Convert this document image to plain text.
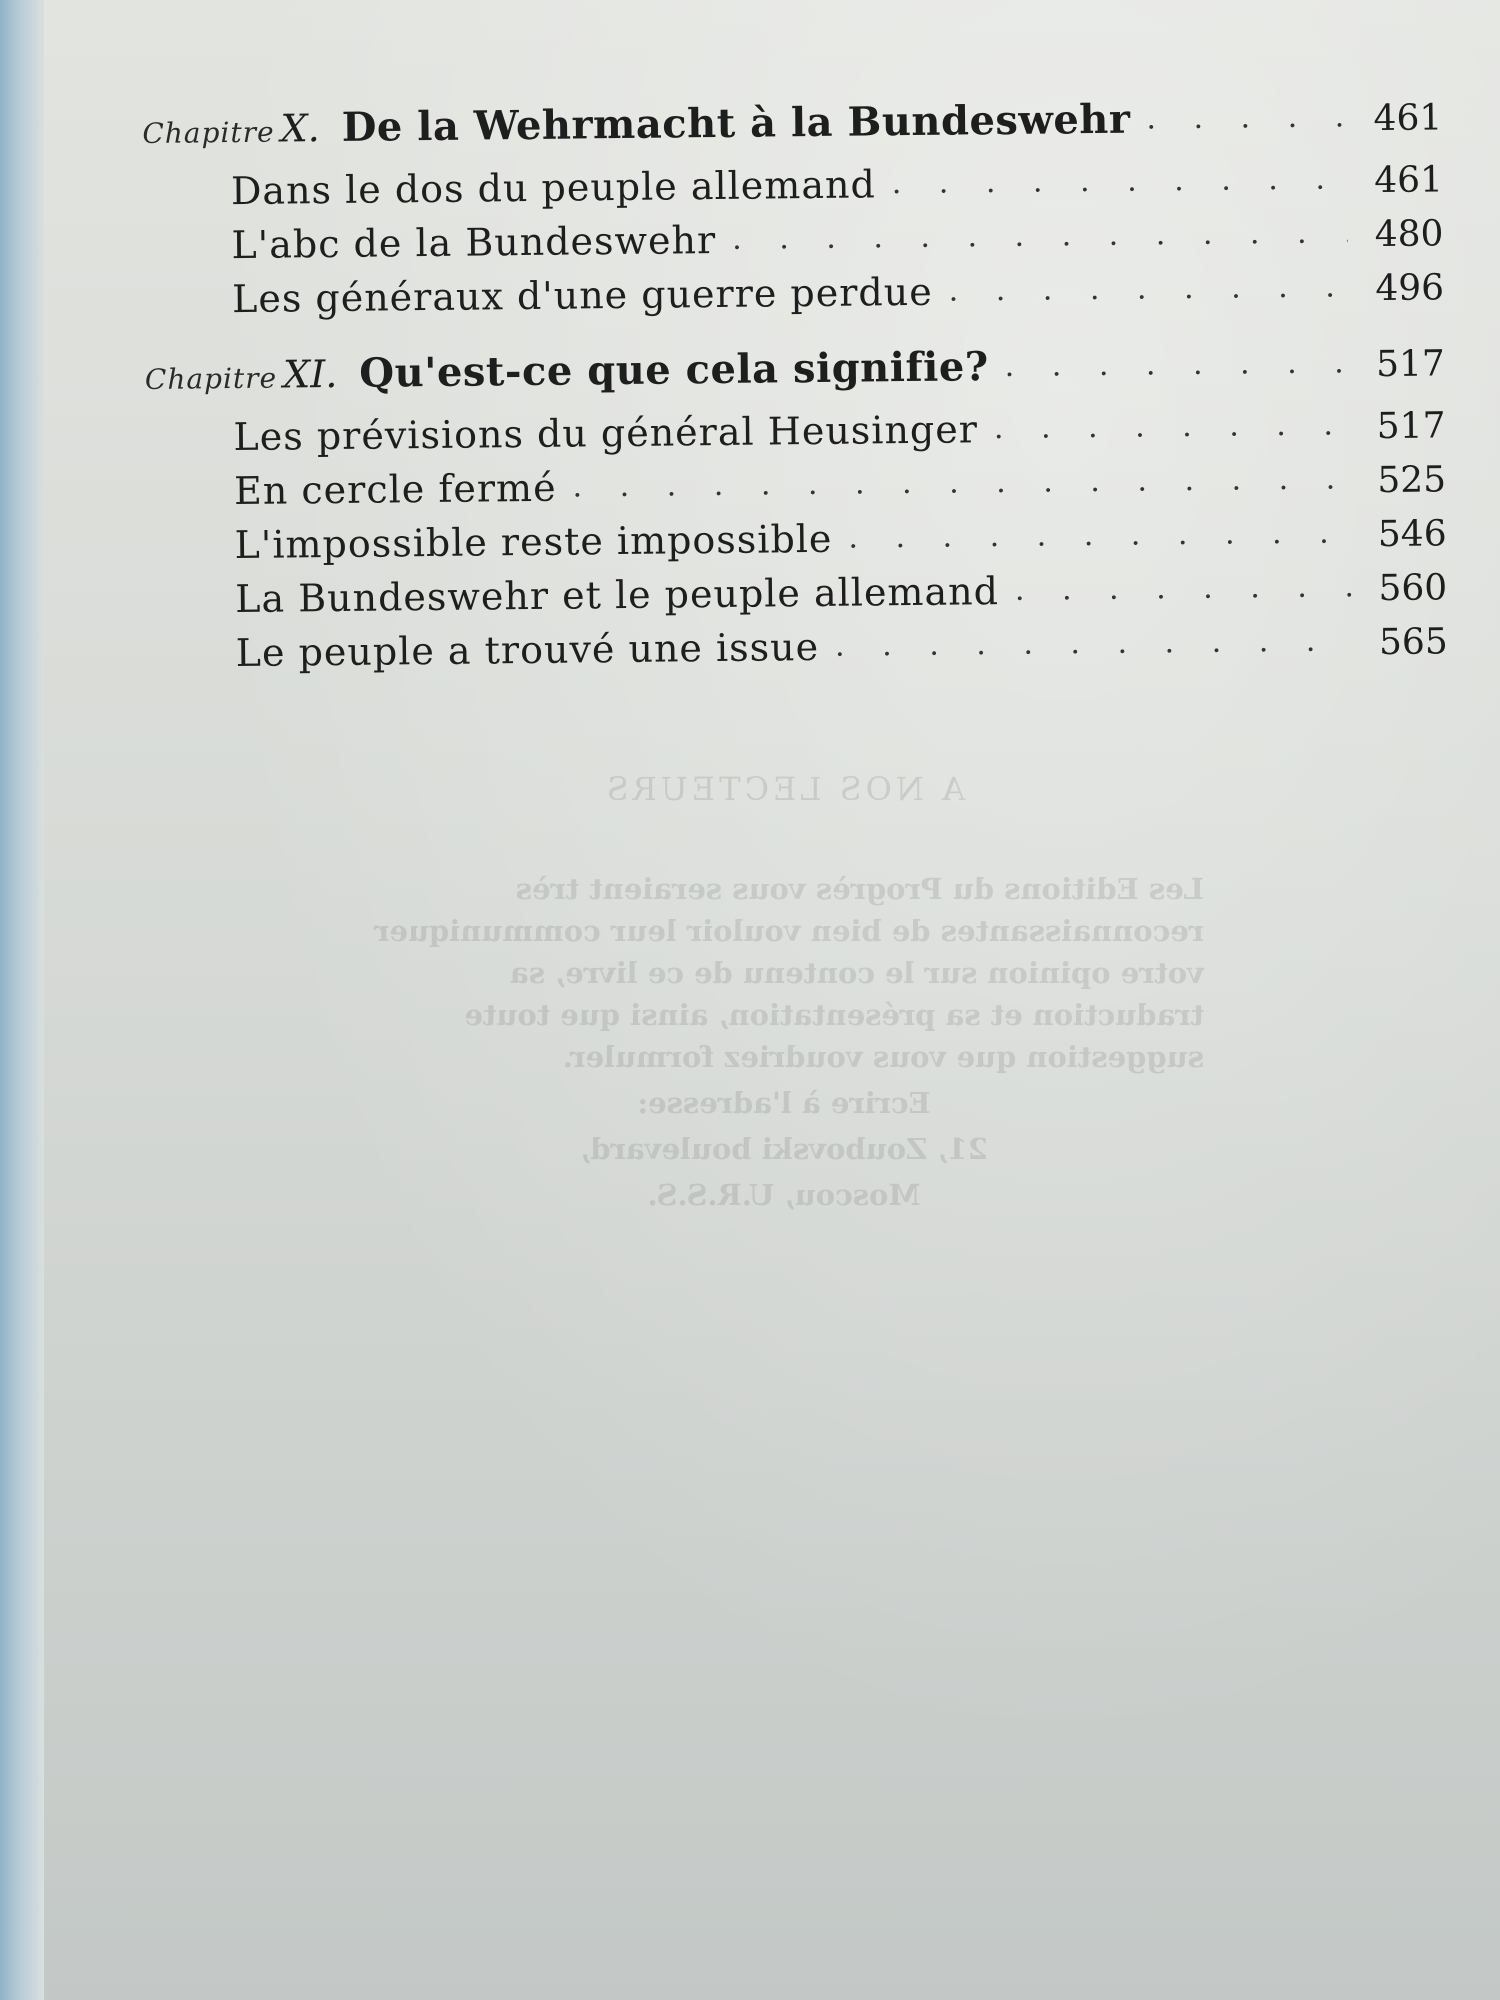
Chapitre X. De la Wehrmacht à la Bundeswehr . . .	461
Dans le dos du peuple allemand . . .	461
L'abc de la Bundeswehr . . .	480
Les généraux d'une guerre perdue . . .	496
Chapitre XI. Qu'est-ce que cela signifie? . . .	517
Les prévisions du général Heusinger . . .	517
En cercle fermé . . .	525
L'impossible reste impossible . . .	546
La Bundeswehr et le peuple allemand . . .	560
Le peuple a trouvé une issue . . .	565
A NOS LECTEURS
Les Editions du Progrès vous seraient très reconnaissantes de bien vouloir leur communiquer votre opinion sur le contenu de ce livre, sa traduction et sa présentation, ainsi que toute suggestion que vous voudriez formuler.
Ecrire à l'adresse:
21, Zoubovski boulevard,
Moscou, U.R.S.S.
